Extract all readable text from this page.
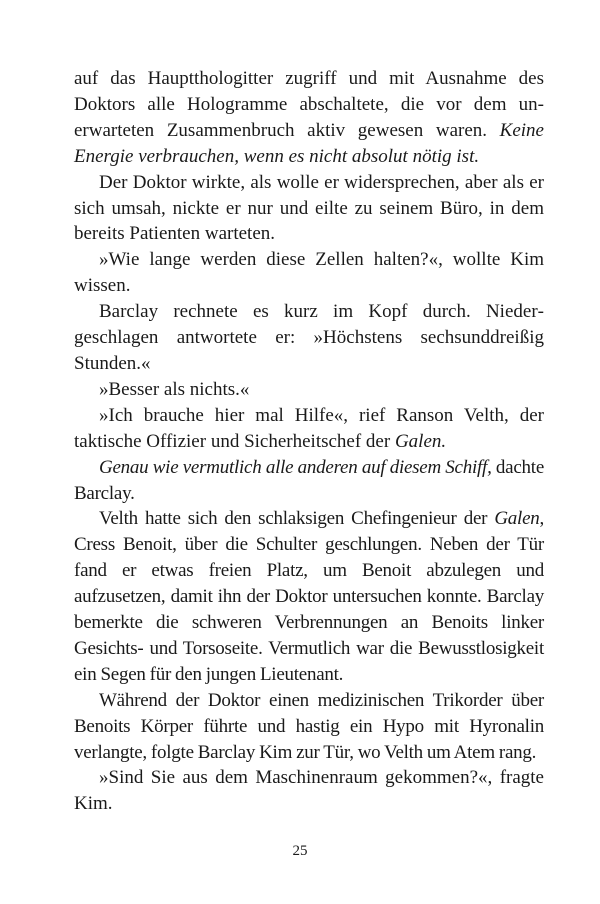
auf das Hauptthologitter zugriff und mit Ausnahme des Doktors alle Hologramme abschaltete, die vor dem unerwarteten Zusammenbruch aktiv gewesen waren. Keine Energie verbrauchen, wenn es nicht absolut nötig ist.

Der Doktor wirkte, als wolle er widersprechen, aber als er sich umsah, nickte er nur und eilte zu seinem Büro, in dem bereits Patienten warteten.

»Wie lange werden diese Zellen halten?«, wollte Kim wissen.

Barclay rechnete es kurz im Kopf durch. Niedergeschlagen antwortete er: »Höchstens sechsunddreißig Stunden.«

»Besser als nichts.«

»Ich brauche hier mal Hilfe«, rief Ranson Velth, der taktische Offizier und Sicherheitschef der Galen.

Genau wie vermutlich alle anderen auf diesem Schiff, dachte Barclay.

Velth hatte sich den schlaksigen Chefingenieur der Galen, Cress Benoit, über die Schulter geschlungen. Neben der Tür fand er etwas freien Platz, um Benoit abzulegen und aufzusetzen, damit ihn der Doktor untersuchen konnte. Barclay bemerkte die schweren Verbrennungen an Benoits linker Gesichts- und Torsoseite. Vermutlich war die Bewusstlosigkeit ein Segen für den jungen Lieutenant.

Während der Doktor einen medizinischen Trikorder über Benoits Körper führte und hastig ein Hypo mit Hyronalin verlangte, folgte Barclay Kim zur Tür, wo Velth um Atem rang.

»Sind Sie aus dem Maschinenraum gekommen?«, fragte Kim.

25
